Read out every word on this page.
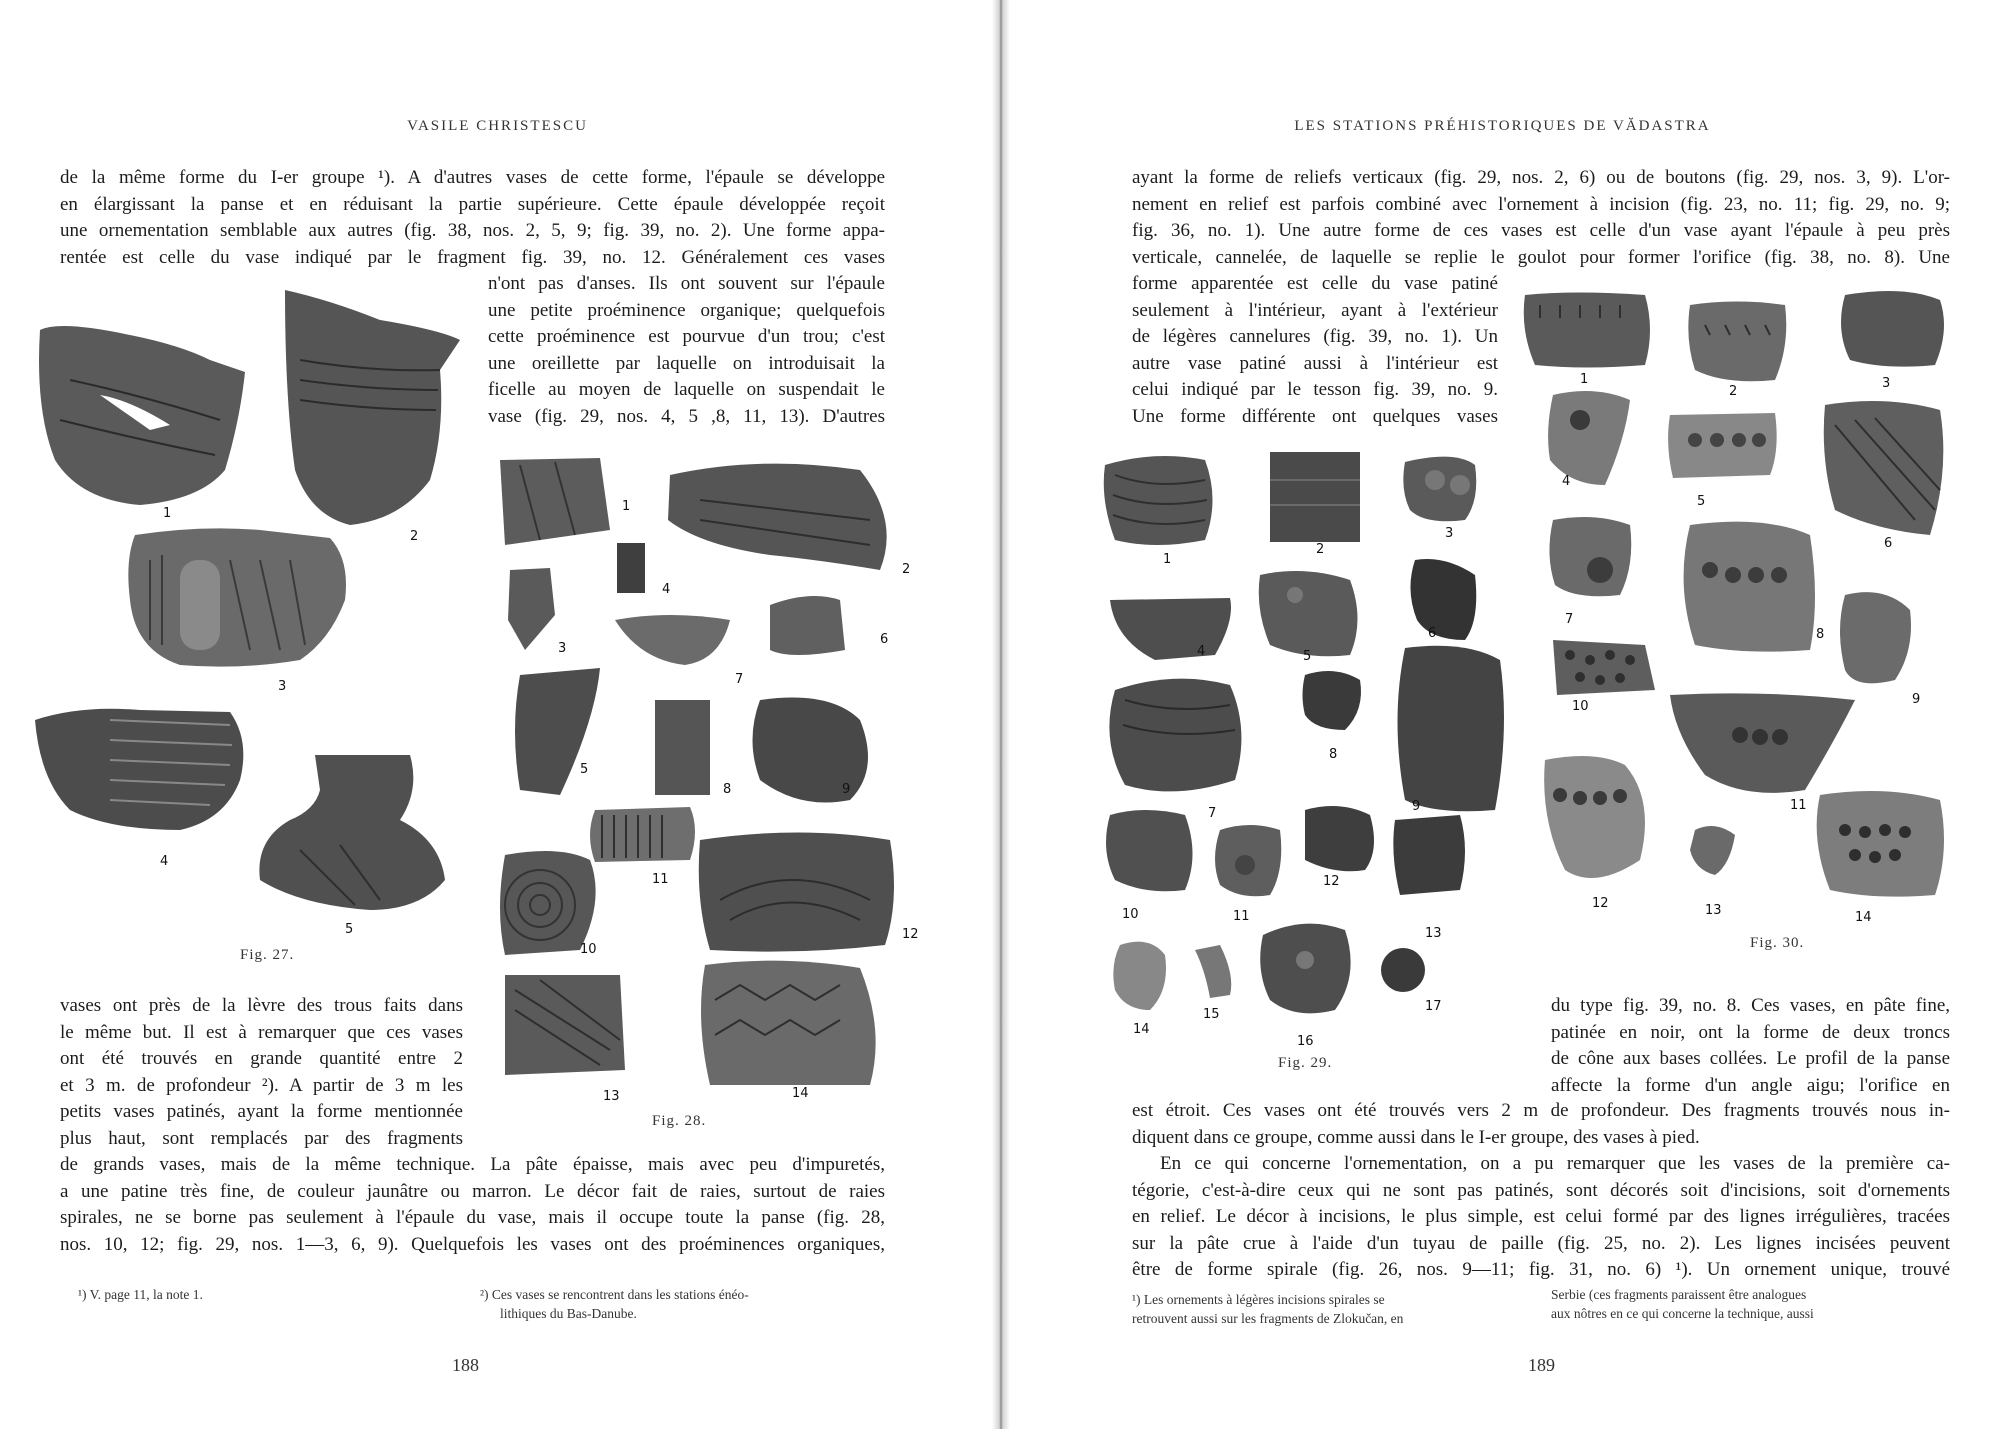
VASILE CHRISTESCU
de la même forme du I-er groupe ¹). A d'autres vases de cette forme, l'épaule se développe
en élargissant la panse et en réduisant la partie supérieure. Cette épaule développée reçoit
une ornementation semblable aux autres (fig. 38, nos. 2, 5, 9; fig. 39, no. 2). Une forme appa-
rentée est celle du vase indiqué par le fragment fig. 39, no. 12. Généralement ces vases
n'ont pas d'anses. Ils ont souvent sur l'épaule
une petite proéminence organique; quelquefois
cette proéminence est pourvue d'un trou; c'est
une oreillette par laquelle on introduisait la
ficelle au moyen de laquelle on suspendait le
vase (fig. 29, nos. 4, 5 ,8, 11, 13). D'autres
1
2
3
4
5
Fig. 27.
1
2
3
4
5
6
7
8	9
10
11
12
13	14
Fig. 28.
vases ont près de la lèvre des trous faits dans
le même but. Il est à remarquer que ces vases
ont été trouvés en grande quantité entre 2
et 3 m. de profondeur ²). A partir de 3 m les
petits vases patinés, ayant la forme mentionnée
plus haut, sont remplacés par des fragments
de grands vases, mais de la même technique. La pâte épaisse, mais avec peu d'impuretés,
a une patine très fine, de couleur jaunâtre ou marron. Le décor fait de raies, surtout de raies
spirales, ne se borne pas seulement à l'épaule du vase, mais il occupe toute la panse (fig. 28,
nos. 10, 12; fig. 29, nos. 1—3, 6, 9). Quelquefois les vases ont des proéminences organiques,
¹) V. page 11, la note 1.	²) Ces vases se rencontrent dans les stations énéo-
lithiques du Bas-Danube.
188
LES STATIONS PRÉHISTORIQUES DE VĂDASTRA
ayant la forme de reliefs verticaux (fig. 29, nos. 2, 6) ou de boutons (fig. 29, nos. 3, 9). L'or-
nement en relief est parfois combiné avec l'ornement à incision (fig. 23, no. 11; fig. 29, no. 9;
fig. 36, no. 1). Une autre forme de ces vases est celle d'un vase ayant l'épaule à peu près
verticale, cannelée, de laquelle se replie le goulot pour former l'orifice (fig. 38, no. 8). Une
forme apparentée est celle du vase patiné
seulement à l'intérieur, ayant à l'extérieur
de légères cannelures (fig. 39, no. 1). Un
autre vase patiné aussi à l'intérieur est
celui indiqué par le tesson fig. 39, no. 9.
Une forme différente ont quelques vases
1
2
3
4
5
6
7
8
9
10
11
12	13	14
Fig. 30.
1
2
3
4	5
6
7
8
9
10	11
12
13
14
15
16
17
Fig. 29.
du type fig. 39, no. 8. Ces vases, en pâte fine,
patinée en noir, ont la forme de deux troncs
de cône aux bases collées. Le profil de la panse
affecte la forme d'un angle aigu; l'orifice en
est étroit. Ces vases ont été trouvés vers 2 m de profondeur. Des fragments trouvés nous in-
diquent dans ce groupe, comme aussi dans le I-er groupe, des vases à pied.
En ce qui concerne l'ornementation, on a pu remarquer que les vases de la première ca-
tégorie, c'est-à-dire ceux qui ne sont pas patinés, sont décorés soit d'incisions, soit d'ornements
en relief. Le décor à incisions, le plus simple, est celui formé par des lignes irrégulières, tracées
sur la pâte crue à l'aide d'un tuyau de paille (fig. 25, no. 2). Les lignes incisées peuvent
être de forme spirale (fig. 26, nos. 9—11; fig. 31, no. 6) ¹). Un ornement unique, trouvé
¹) Les ornements à légères incisions spirales se
retrouvent aussi sur les fragments de Zlokučan, en
Serbie (ces fragments paraissent être analogues
aux nôtres en ce qui concerne la technique, aussi
189
